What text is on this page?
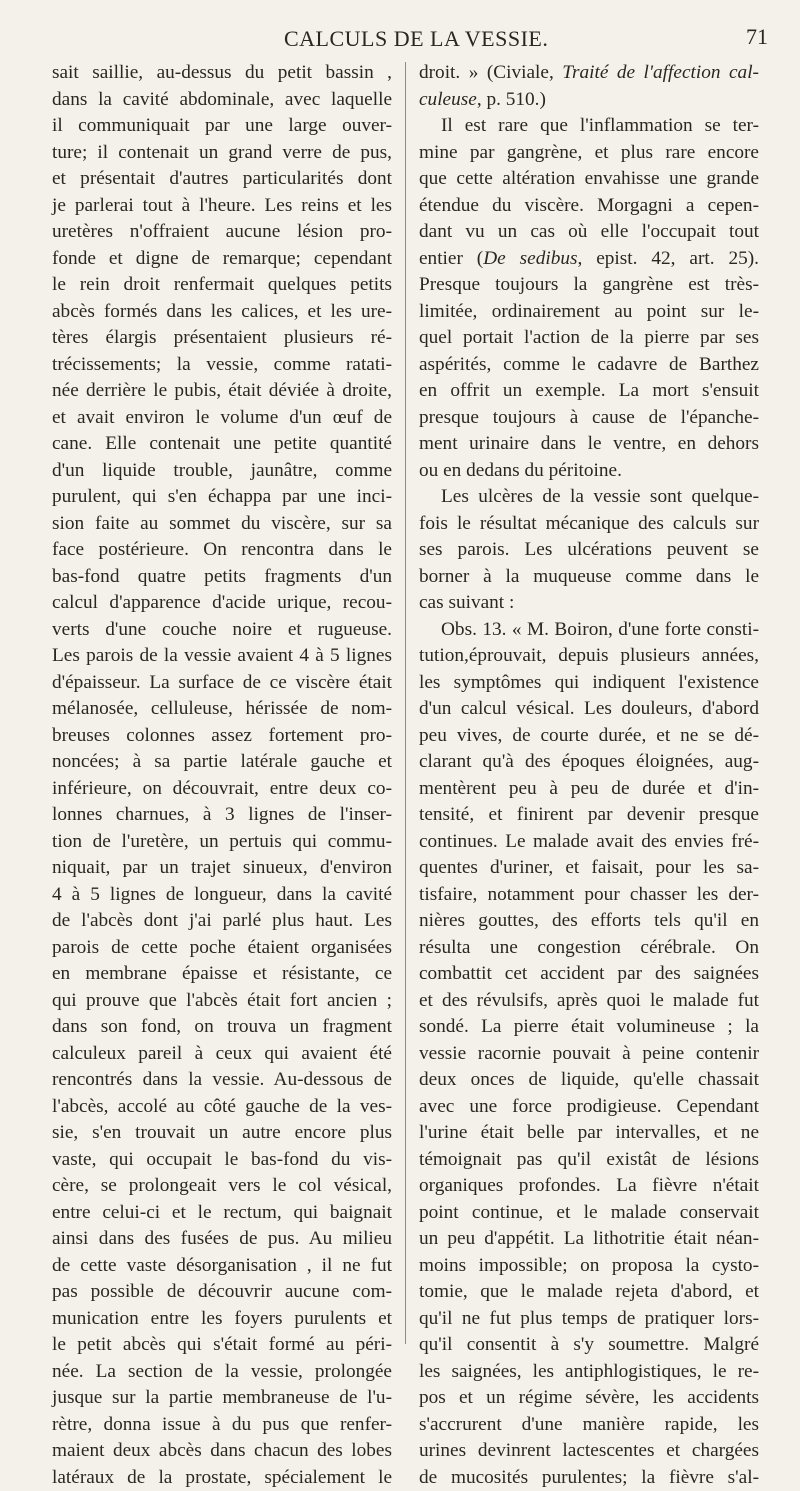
CALCULS DE LA VESSIE.	71
sait saillie, au-dessus du petit bassin ,
dans la cavité abdominale, avec laquelle
il communiquait par une large ouver-
ture; il contenait un grand verre de pus,
et présentait d'autres particularités dont
je parlerai tout à l'heure. Les reins et les
uretères n'offraient aucune lésion pro-
fonde et digne de remarque; cependant
le rein droit renfermait quelques petits
abcès formés dans les calices, et les ure-
tères élargis présentaient plusieurs ré-
trécissements; la vessie, comme ratati-
née derrière le pubis, était déviée à droite,
et avait environ le volume d'un œuf de
cane. Elle contenait une petite quantité
d'un liquide trouble, jaunâtre, comme
purulent, qui s'en échappa par une inci-
sion faite au sommet du viscère, sur sa
face postérieure. On rencontra dans le
bas-fond quatre petits fragments d'un
calcul d'apparence d'acide urique, recou-
verts d'une couche noire et rugueuse.
Les parois de la vessie avaient 4 à 5 lignes
d'épaisseur. La surface de ce viscère était
mélanosée, celluleuse, hérissée de nom-
breuses colonnes assez fortement pro-
noncées; à sa partie latérale gauche et
inférieure, on découvrait, entre deux co-
lonnes charnues, à 3 lignes de l'inser-
tion de l'uretère, un pertuis qui commu-
niquait, par un trajet sinueux, d'environ
4 à 5 lignes de longueur, dans la cavité
de l'abcès dont j'ai parlé plus haut. Les
parois de cette poche étaient organisées
en membrane épaisse et résistante, ce
qui prouve que l'abcès était fort ancien ;
dans son fond, on trouva un fragment
calculeux pareil à ceux qui avaient été
rencontrés dans la vessie. Au-dessous de
l'abcès, accolé au côté gauche de la ves-
sie, s'en trouvait un autre encore plus
vaste, qui occupait le bas-fond du vis-
cère, se prolongeait vers le col vésical,
entre celui-ci et le rectum, qui baignait
ainsi dans des fusées de pus. Au milieu
de cette vaste désorganisation , il ne fut
pas possible de découvrir aucune com-
munication entre les foyers purulents et
le petit abcès qui s'était formé au péri-
née. La section de la vessie, prolongée
jusque sur la partie membraneuse de l'u-
rètre, donna issue à du pus que renfer-
maient deux abcès dans chacun des lobes
latéraux de la prostate, spécialement le
droit. » (Civiale, Traité de l'affection cal-
culeuse, p. 510.)
Il est rare que l'inflammation se ter-
mine par gangrène, et plus rare encore
que cette altération envahisse une grande
étendue du viscère. Morgagni a cepen-
dant vu un cas où elle l'occupait tout
entier (De sedibus, epist. 42, art. 25).
Presque toujours la gangrène est très-
limitée, ordinairement au point sur le-
quel portait l'action de la pierre par ses
aspérités, comme le cadavre de Barthez
en offrit un exemple. La mort s'ensuit
presque toujours à cause de l'épanche-
ment urinaire dans le ventre, en dehors
ou en dedans du péritoine.
Les ulcères de la vessie sont quelque-
fois le résultat mécanique des calculs sur
ses parois. Les ulcérations peuvent se
borner à la muqueuse comme dans le
cas suivant :
Obs. 13. « M. Boiron, d'une forte consti-
tution,éprouvait, depuis plusieurs années,
les symptômes qui indiquent l'existence
d'un calcul vésical. Les douleurs, d'abord
peu vives, de courte durée, et ne se dé-
clarant qu'à des époques éloignées, aug-
mentèrent peu à peu de durée et d'in-
tensité, et finirent par devenir presque
continues. Le malade avait des envies fré-
quentes d'uriner, et faisait, pour les sa-
tisfaire, notamment pour chasser les der-
nières gouttes, des efforts tels qu'il en
résulta une congestion cérébrale. On
combattit cet accident par des saignées
et des révulsifs, après quoi le malade fut
sondé. La pierre était volumineuse ; la
vessie racornie pouvait à peine contenir
deux onces de liquide, qu'elle chassait
avec une force prodigieuse. Cependant
l'urine était belle par intervalles, et ne
témoignait pas qu'il existât de lésions
organiques profondes. La fièvre n'était
point continue, et le malade conservait
un peu d'appétit. La lithotritie était néan-
moins impossible; on proposa la cysto-
tomie, que le malade rejeta d'abord, et
qu'il ne fut plus temps de pratiquer lors-
qu'il consentit à s'y soumettre. Malgré
les saignées, les antiphlogistiques, le re-
pos et un régime sévère, les accidents
s'accrurent d'une manière rapide, les
urines devinrent lactescentes et chargées
de mucosités purulentes; la fièvre s'al-
